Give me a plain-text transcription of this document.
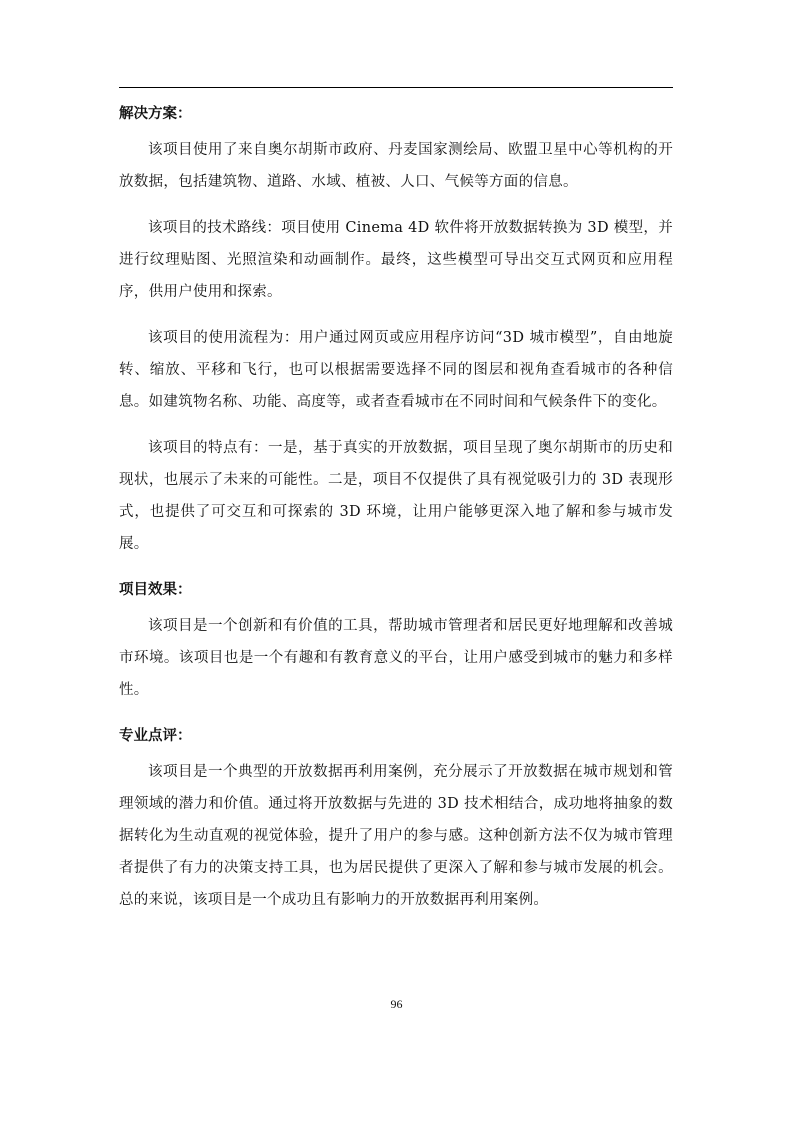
解决方案：

该项目使用了来自奥尔胡斯市政府、丹麦国家测绘局、欧盟卫星中心等机构的开放数据，包括建筑物、道路、水域、植被、人口、气候等方面的信息。

该项目的技术路线：项目使用 Cinema 4D 软件将开放数据转换为 3D 模型，并进行纹理贴图、光照渲染和动画制作。最终，这些模型可导出交互式网页和应用程序，供用户使用和探索。

该项目的使用流程为：用户通过网页或应用程序访问“3D 城市模型”，自由地旋转、缩放、平移和飞行，也可以根据需要选择不同的图层和视角查看城市的各种信息。如建筑物名称、功能、高度等，或者查看城市在不同时间和气候条件下的变化。

该项目的特点有：一是，基于真实的开放数据，项目呈现了奥尔胡斯市的历史和现状，也展示了未来的可能性。二是，项目不仅提供了具有视觉吸引力的 3D 表现形式，也提供了可交互和可探索的 3D 环境，让用户能够更深入地了解和参与城市发展。

项目效果：

该项目是一个创新和有价值的工具，帮助城市管理者和居民更好地理解和改善城市环境。该项目也是一个有趣和有教育意义的平台，让用户感受到城市的魅力和多样性。

专业点评：

该项目是一个典型的开放数据再利用案例，充分展示了开放数据在城市规划和管理领域的潜力和价值。通过将开放数据与先进的 3D 技术相结合，成功地将抽象的数据转化为生动直观的视觉体验，提升了用户的参与感。这种创新方法不仅为城市管理者提供了有力的决策支持工具，也为居民提供了更深入了解和参与城市发展的机会。总的来说，该项目是一个成功且有影响力的开放数据再利用案例。

96
